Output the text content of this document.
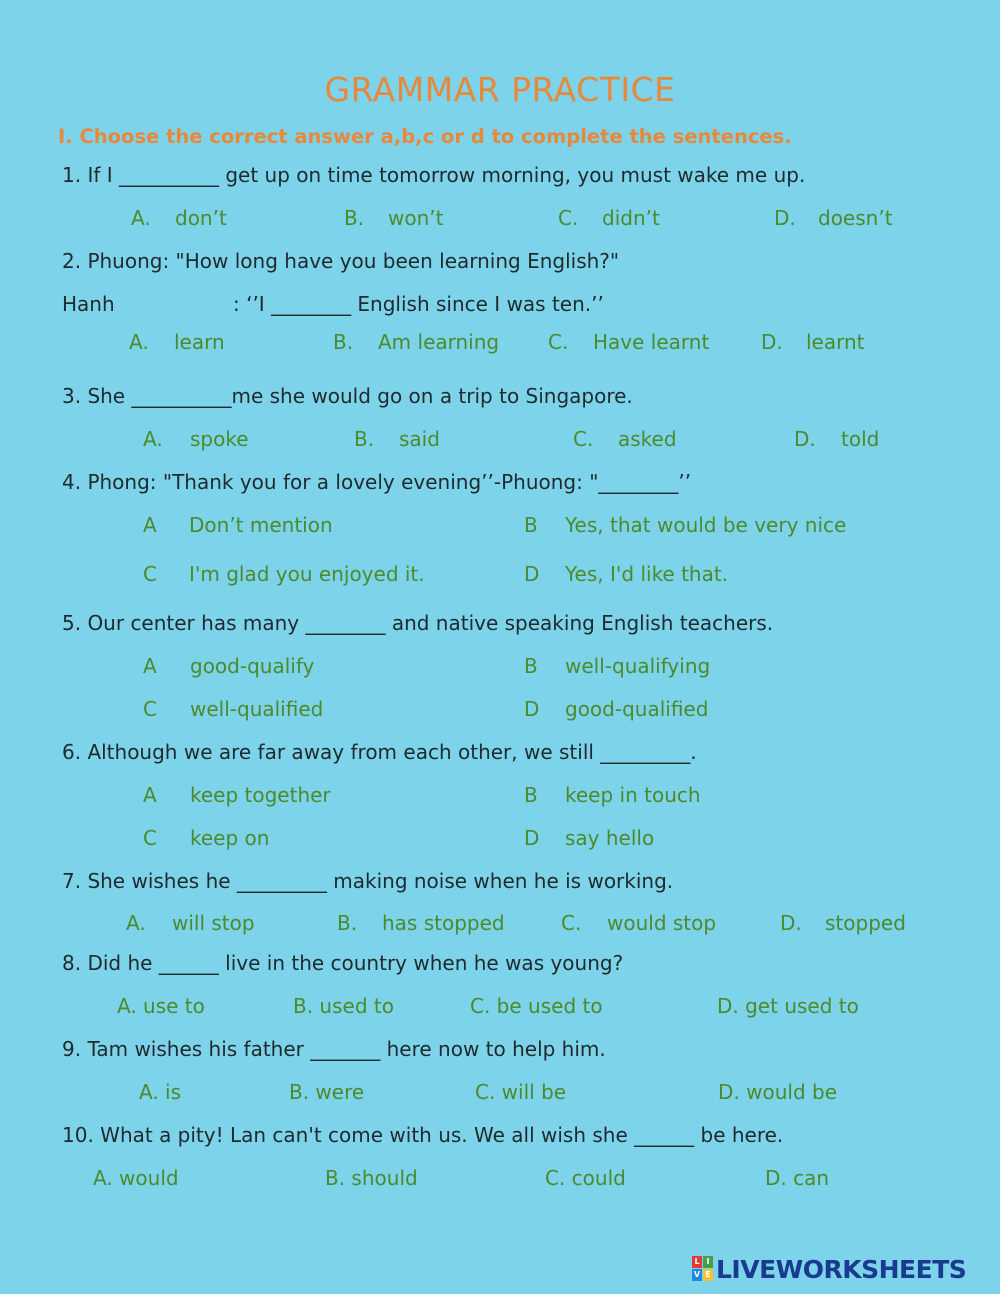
GRAMMAR PRACTICE
I. Choose the correct answer a,b,c or d to complete the sentences.
1. If I __________ get up on time tomorrow morning, you must wake me up.
A. don’t	B. won’t	C. didn’t	D. doesn’t
2. Phuong: "How long have you been learning English?"
Hanh	: ‘’I ________ English since I was ten.’’
A. learn	B. Am learning C. Have learnt	D. learnt
3. She __________me she would go on a trip to Singapore.
A. spoke	B. said	C. asked	D. told
4. Phong: "Thank you for a lovely evening’’-Phuong: "________’’
A Don’t mention	B Yes, that would be very nice
C I'm glad you enjoyed it.	D Yes, I'd like that.
5. Our center has many ________ and native speaking English teachers.
A good-qualify	B well-qualifying
C well-qualified	D good-qualified
6. Although we are far away from each other, we still _________.
A keep together	B keep in touch
C keep on	D say hello
7. She wishes he _________ making noise when he is working.
A. will stop	B. has stopped	C. would stop	D. stopped
8. Did he ______ live in the country when he was young?
A. use to	B. used to	C. be used to	D. get used to
9. Tam wishes his father _______ here now to help him.
A. is	B. were	C. will be	D. would be
10. What a pity! Lan can't come with us. We all wish she ______ be here.
A. would	B. should	C. could	D. can
L I
V E LIVEWORKSHEETS
